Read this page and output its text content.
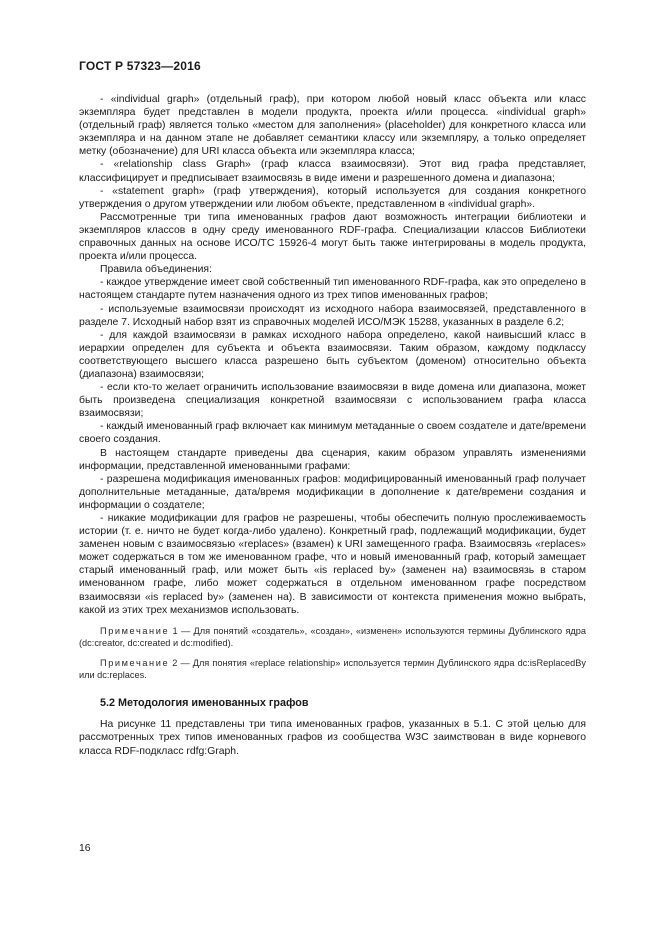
ГОСТ Р 57323—2016

- «individual graph» (отдельный граф), при котором любой новый класс объекта или класс экземпляра будет представлен в модели продукта, проекта и/или процесса. «individual graph» (отдельный граф) является только «местом для заполнения» (placeholder) для конкретного класса или экземпляра и на данном этапе не добавляет семантики классу или экземпляру, а только определяет метку (обозначение) для URI класса объекта или экземпляра класса;

- «relationship class Graph» (граф класса взаимосвязи). Этот вид графа представляет, классифицирует и предписывает взаимосвязь в виде имени и разрешенного домена и диапазона;

- «statement graph» (граф утверждения), который используется для создания конкретного утверждения о другом утверждении или любом объекте, представленном в «individual graph».

Рассмотренные три типа именованных графов дают возможность интеграции библиотеки и экземпляров классов в одну среду именованного RDF-графа. Специализации классов Библиотеки справочных данных на основе ИСО/ТС 15926-4 могут быть также интегрированы в модель продукта, проекта и/или процесса.

Правила объединения:

- каждое утверждение имеет свой собственный тип именованного RDF-графа, как это определено в настоящем стандарте путем назначения одного из трех типов именованных графов;

- используемые взаимосвязи происходят из исходного набора взаимосвязей, представленного в разделе 7. Исходный набор взят из справочных моделей ИСО/МЭК 15288, указанных в разделе 6.2;

- для каждой взаимосвязи в рамках исходного набора определено, какой наивысший класс в иерархии определен для субъекта и объекта взаимосвязи. Таким образом, каждому подклассу соответствующего высшего класса разрешено быть субъектом (доменом) относительно объекта (диапазона) взаимосвязи;

- если кто-то желает ограничить использование взаимосвязи в виде домена или диапазона, может быть произведена специализация конкретной взаимосвязи с использованием графа класса взаимосвязи;

- каждый именованный граф включает как минимум метаданные о своем создателе и дате/времени своего создания.

В настоящем стандарте приведены два сценария, каким образом управлять изменениями информации, представленной именованными графами:

- разрешена модификация именованных графов: модифицированный именованный граф получает дополнительные метаданные, дата/время модификации в дополнение к дате/времени создания и информации о создателе;

- никакие модификации для графов не разрешены, чтобы обеспечить полную прослеживаемость истории (т. е. ничто не будет когда-либо удалено). Конкретный граф, подлежащий модификации, будет заменен новым с взаимосвязью «replaces» (взамен) к URI замещенного графа. Взаимосвязь «replaces» может содержаться в том же именованном графе, что и новый именованный граф, который замещает старый именованный граф, или может быть «is replaced by» (заменен на) взаимосвязь в старом именованном графе, либо может содержаться в отдельном именованном графе посредством взаимосвязи «is replaced by» (заменен на). В зависимости от контекста применения можно выбрать, какой из этих трех механизмов использовать.

Примечание 1 — Для понятий «создатель», «создан», «изменен» используются термины Дублинского ядра (dc:creator, dc:created и dc:modified).

Примечание 2 — Для понятия «replace relationship» используется термин Дублинского ядра dc:isReplacedBy или dc:replaces.

5.2 Методология именованных графов

На рисунке 11 представлены три типа именованных графов, указанных в 5.1. С этой целью для рассмотренных трех типов именованных графов из сообщества W3C заимствован в виде корневого класса RDF-подкласс rdfg:Graph.

16
